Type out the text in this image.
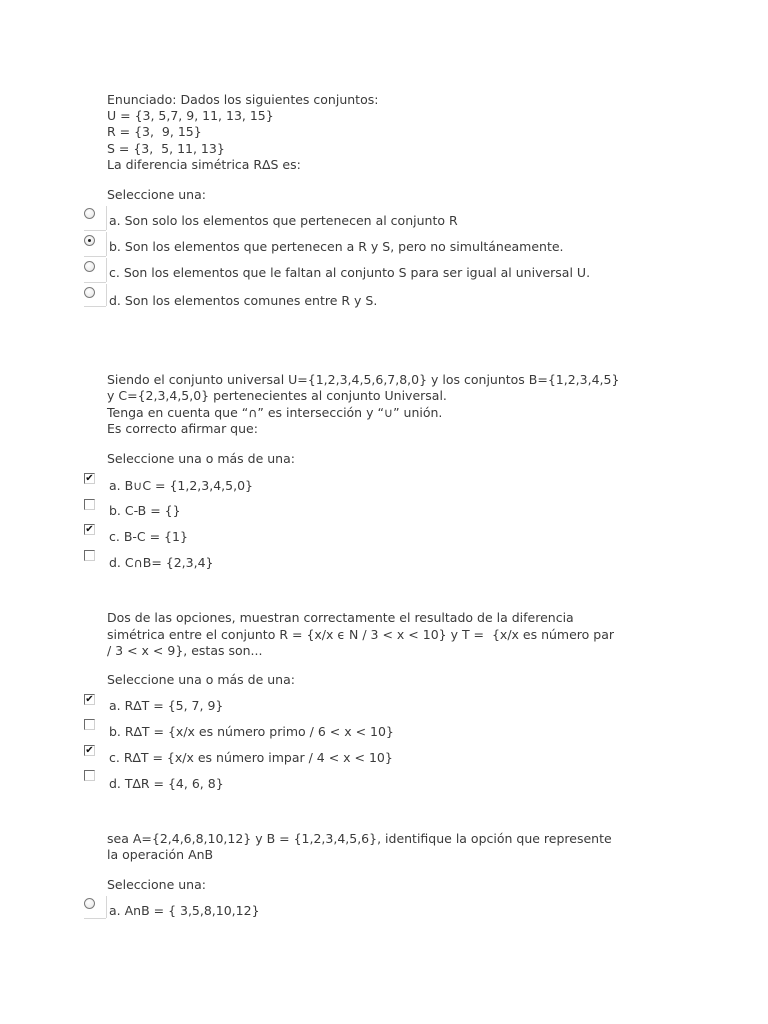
Enunciado: Dados los siguientes conjuntos:
U = {3, 5,7, 9, 11, 13, 15}
R = {3,  9, 15}
S = {3,  5, 11, 13}
La diferencia simétrica R∆S es:
Seleccione una:
a. Son solo los elementos que pertenecen al conjunto R
b. Son los elementos que pertenecen a R y S, pero no simultáneamente.
c. Son los elementos que le faltan al conjunto S para ser igual al universal U.
d. Son los elementos comunes entre R y S.
Siendo el conjunto universal U={1,2,3,4,5,6,7,8,0} y los conjuntos B={1,2,3,4,5}
y C={2,3,4,5,0} pertenecientes al conjunto Universal.
Tenga en cuenta que “∩” es intersección y “∪” unión.
Es correcto afirmar que:
Seleccione una o más de una:
✔ a. B∪C = {1,2,3,4,5,0}
b. C-B = {}
✔ c. B-C = {1}
d. C∩B= {2,3,4}
Dos de las opciones, muestran correctamente el resultado de la diferencia
simétrica entre el conjunto R = {x/x ϵ N / 3 < x < 10} y T =  {x/x es número par
/ 3 < x < 9}, estas son...
Seleccione una o más de una:
✔ a. R∆T = {5, 7, 9}
b. R∆T = {x/x es número primo / 6 < x < 10}
✔ c. R∆T = {x/x es número impar / 4 < x < 10}
d. T∆R = {4, 6, 8}
sea A={2,4,6,8,10,12} y B = {1,2,3,4,5,6}, identifique la opción que represente
la operación AnB
Seleccione una:
a. AnB = { 3,5,8,10,12}
